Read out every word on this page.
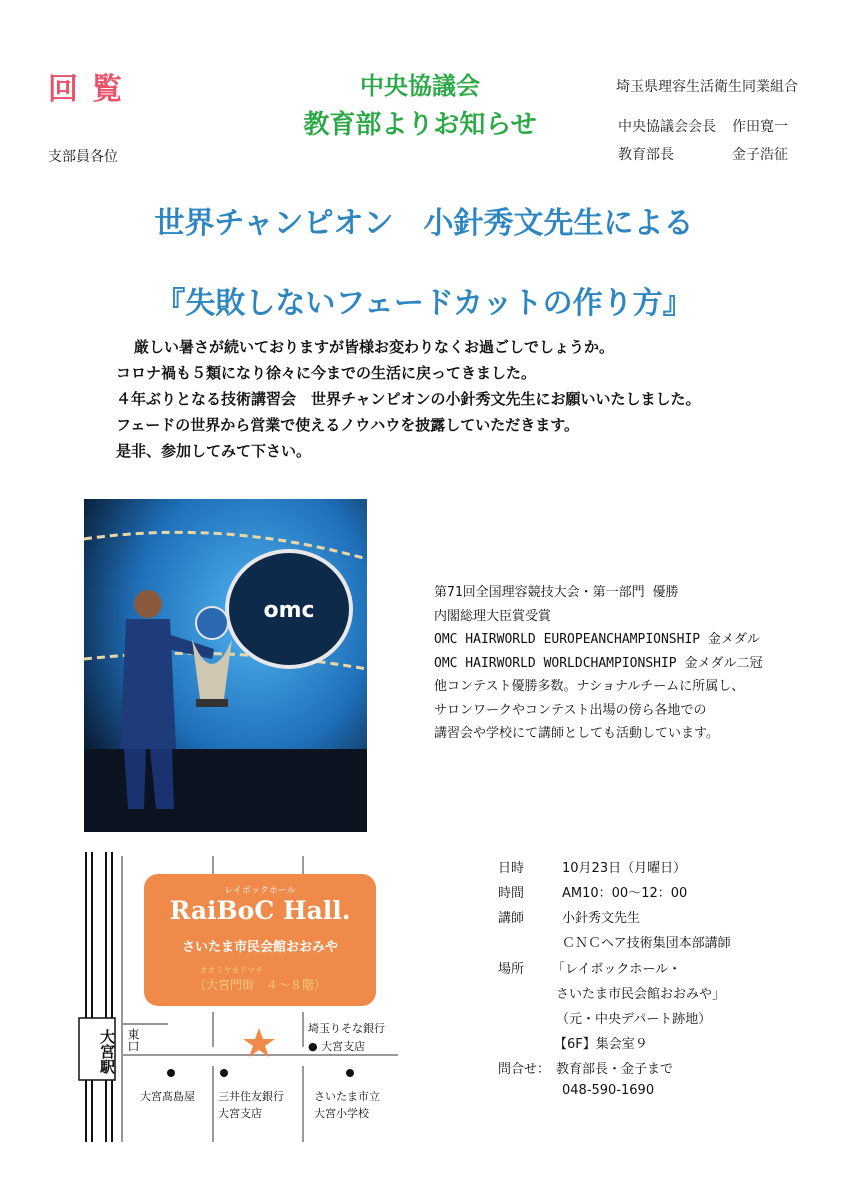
回覧	中央協議会
教育部よりお知らせ
埼玉県理容生活衛生同業組合
中央協議会会長 作田寛一
教育部長	金子浩征
支部員各位
世界チャンピオン　小針秀文先生による
『失敗しないフェードカットの作り方』

厳しい暑さが続いておりますが皆様お変わりなくお過ごしでしょうか。

コロナ禍も５類になり徐々に今までの生活に戻ってきました。

４年ぶりとなる技術講習会　世界チャンピオンの小針秀文先生にお願いいたしました。

フェードの世界から営業で使えるノウハウを披露していただきます。

是非、参加してみて下さい。

omc

第71回全国理容競技大会・第一部門 優勝

内閣総理大臣賞受賞

OMC HAIRWORLD EUROPEANCHAMPIONSHIP 金メダル

OMC HAIRWORLD WORLDCHAMPIONSHIP 金メダル二冠

他コンテスト優勝多数。ナショナルチームに所属し、

サロンワークやコンテスト出場の傍ら各地での

講習会や学校にて講師としても活動しています。

大宮駅 東口
レイボックホール
RaiBoC Hall.
さいたま市民会館おおみや
オオミヤカドマチ
（大宮門街　４～８階）
埼玉りそな銀行
● 大宮支店
大宮髙島屋 三井住友銀行
大宮支店
さいたま市立
大宮小学校
日時	10月23日（月曜日）
時間	AM10：00～12：00
講師	小針秀文先生
ＣＮＣヘア技術集団本部講師
場所 「レイボックホール・
さいたま市民会館おおみや」
（元・中央デパート跡地）
【6F】集会室９
問合せ： 教育部長・金子まで
048-590-1690
